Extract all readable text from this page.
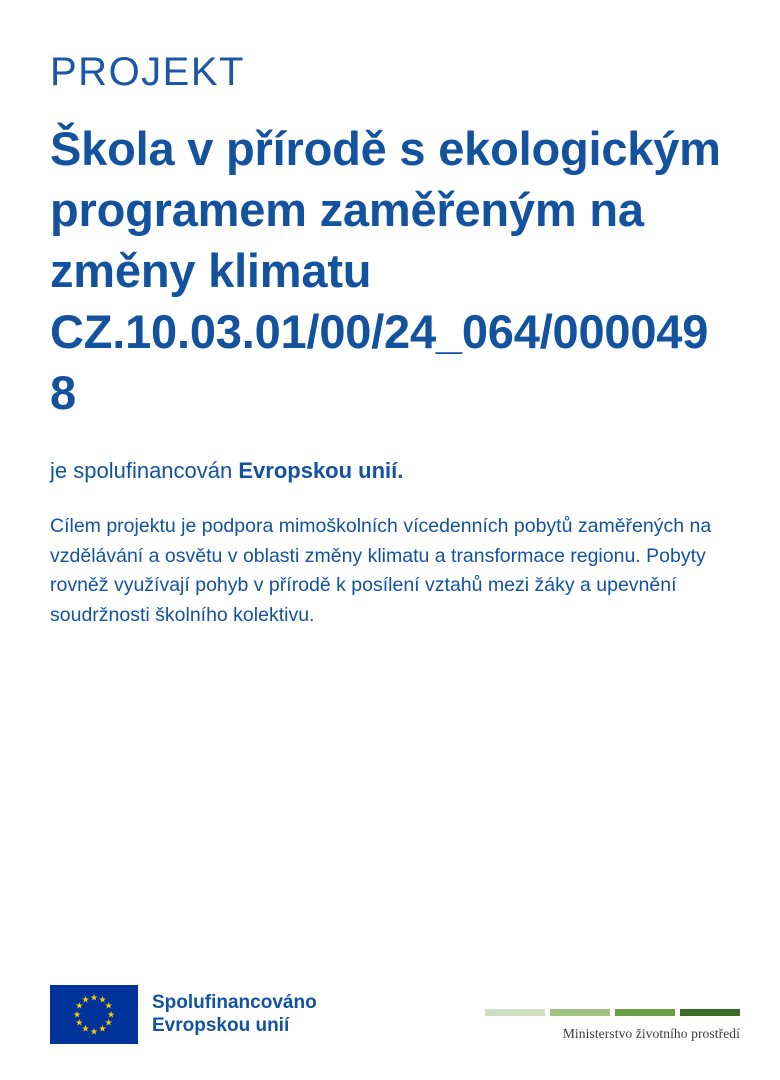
PROJEKT
Škola v přírodě s ekologickým programem zaměřeným na změny klimatu CZ.10.03.01/00/24_064/0000498
je spolufinancován Evropskou unií.

Cílem projektu je podpora mimoškolních vícedenních pobytů zaměřených na vzdělávání a osvětu v oblasti změny klimatu a transformace regionu. Pobyty rovněž využívají pohyb v přírodě k posílení vztahů mezi žáky a upevnění soudržnosti školního kolektivu.

★ ★
★
★
★
★
★
★
★
★
★
★	Spolufinancováno
Evropskou unií	Ministerstvo životního prostředí
